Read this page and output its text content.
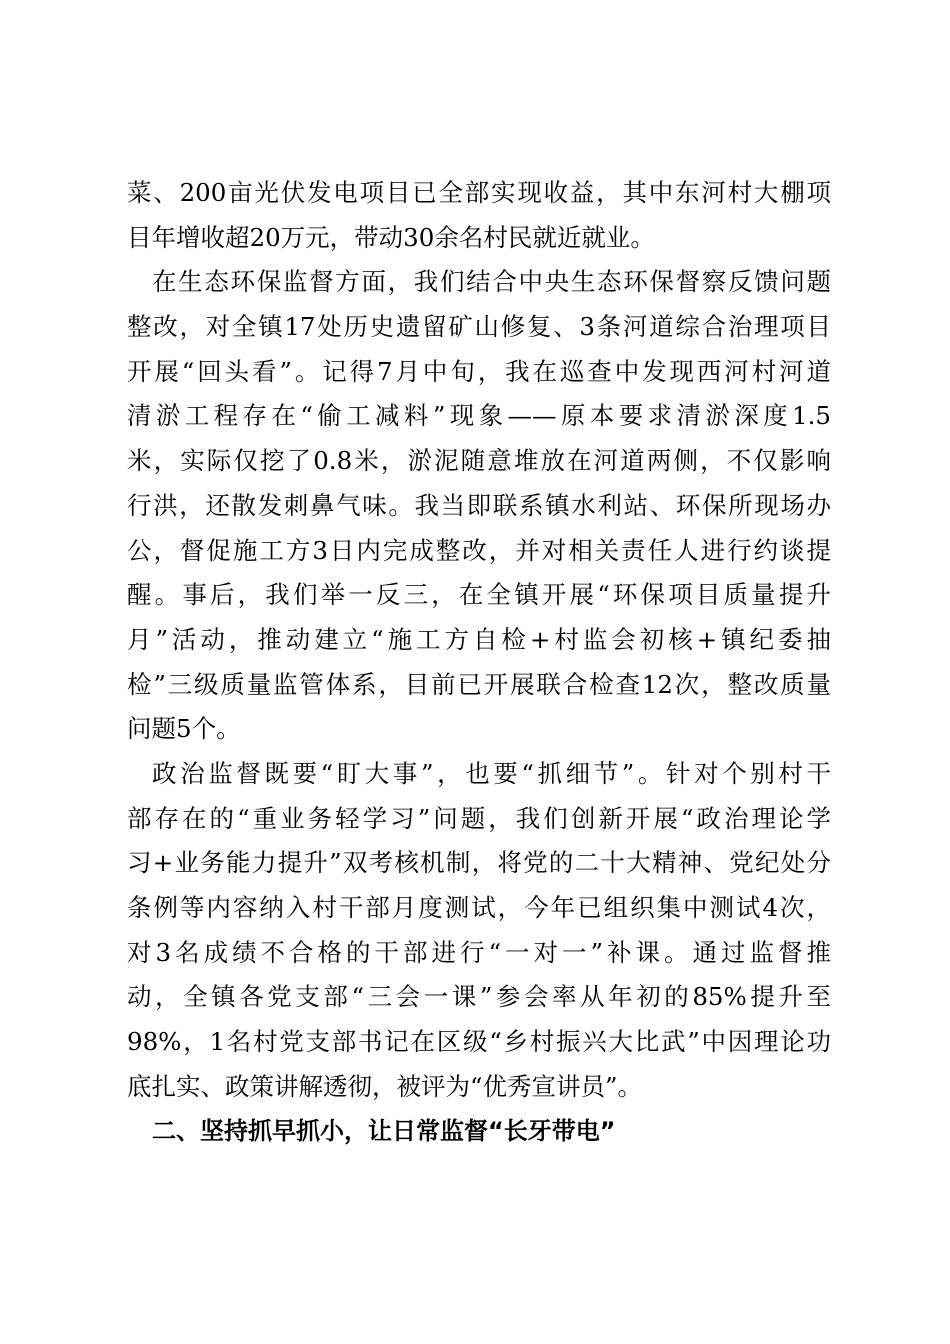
菜、200亩光伏发电项目已全部实现收益，其中东河村大棚项
目年增收超20万元，带动30余名村民就近就业。
在生态环保监督方面，我们结合中央生态环保督察反馈问题
整改，对全镇17处历史遗留矿山修复、3条河道综合治理项目
开展“回头看”。记得7月中旬，我在巡查中发现西河村河道
清淤工程存在“偷工减料”现象——原本要求清淤深度1.5
米，实际仅挖了0.8米，淤泥随意堆放在河道两侧，不仅影响
行洪，还散发刺鼻气味。我当即联系镇水利站、环保所现场办
公，督促施工方3日内完成整改，并对相关责任人进行约谈提
醒。事后，我们举一反三，在全镇开展“环保项目质量提升
月”活动，推动建立“施工方自检+村监会初核+镇纪委抽
检”三级质量监管体系，目前已开展联合检查12次，整改质量
问题5个。
政治监督既要“盯大事”，也要“抓细节”。针对个别村干
部存在的“重业务轻学习”问题，我们创新开展“政治理论学
习+业务能力提升”双考核机制，将党的二十大精神、党纪处分
条例等内容纳入村干部月度测试，今年已组织集中测试4次，
对3名成绩不合格的干部进行“一对一”补课。通过监督推
动，全镇各党支部“三会一课”参会率从年初的85%提升至
98%，1名村党支部书记在区级“乡村振兴大比武”中因理论功
底扎实、政策讲解透彻，被评为“优秀宣讲员”。
二、坚持抓早抓小，让日常监督“长牙带电”
